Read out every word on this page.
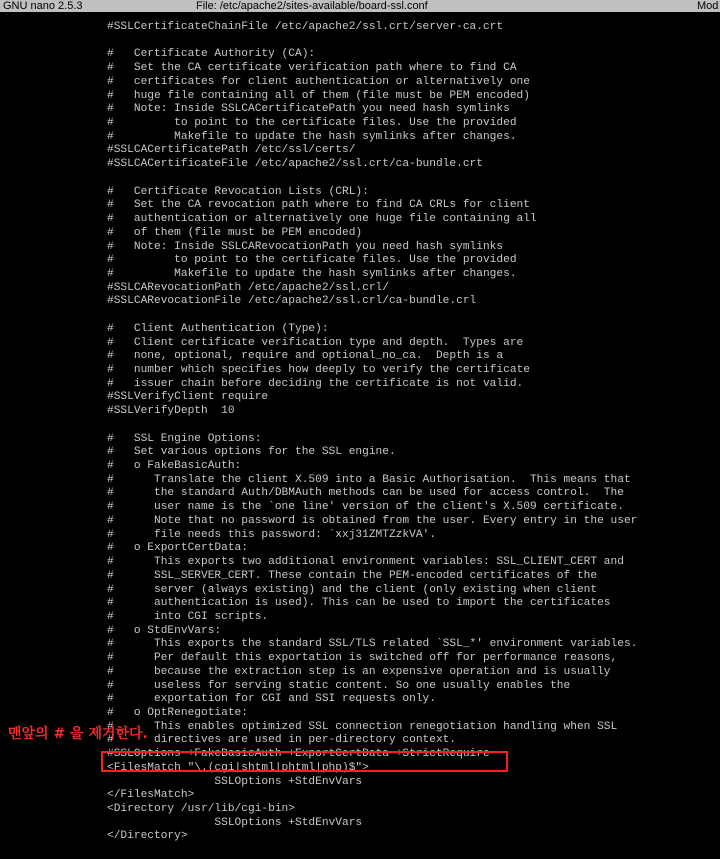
GNU nano 2.5.3	File: /etc/apache2/sites-available/board-ssl.conf	Mod
#SSLCertificateChainFile /etc/apache2/ssl.crt/server-ca.crt
#   Certificate Authority (CA):
#   Set the CA certificate verification path where to find CA
#   certificates for client authentication or alternatively one
#   huge file containing all of them (file must be PEM encoded)
#   Note: Inside SSLCACertificatePath you need hash symlinks
#         to point to the certificate files. Use the provided
#         Makefile to update the hash symlinks after changes.
#SSLCACertificatePath /etc/ssl/certs/
#SSLCACertificateFile /etc/apache2/ssl.crt/ca-bundle.crt
#   Certificate Revocation Lists (CRL):
#   Set the CA revocation path where to find CA CRLs for client
#   authentication or alternatively one huge file containing all
#   of them (file must be PEM encoded)
#   Note: Inside SSLCARevocationPath you need hash symlinks
#         to point to the certificate files. Use the provided
#         Makefile to update the hash symlinks after changes.
#SSLCARevocationPath /etc/apache2/ssl.crl/
#SSLCARevocationFile /etc/apache2/ssl.crl/ca-bundle.crl
#   Client Authentication (Type):
#   Client certificate verification type and depth.  Types are
#   none, optional, require and optional_no_ca.  Depth is a
#   number which specifies how deeply to verify the certificate
#   issuer chain before deciding the certificate is not valid.
#SSLVerifyClient require
#SSLVerifyDepth  10
#   SSL Engine Options:
#   Set various options for the SSL engine.
#   o FakeBasicAuth:
#      Translate the client X.509 into a Basic Authorisation.  This means that
#      the standard Auth/DBMAuth methods can be used for access control.  The
#      user name is the `one line' version of the client's X.509 certificate.
#      Note that no password is obtained from the user. Every entry in the user
#      file needs this password: `xxj31ZMTZzkVA'.
#   o ExportCertData:
#      This exports two additional environment variables: SSL_CLIENT_CERT and
#      SSL_SERVER_CERT. These contain the PEM-encoded certificates of the
#      server (always existing) and the client (only existing when client
#      authentication is used). This can be used to import the certificates
#      into CGI scripts.
#   o StdEnvVars:
#      This exports the standard SSL/TLS related `SSL_*' environment variables.
#      Per default this exportation is switched off for performance reasons,
#      because the extraction step is an expensive operation and is usually
#      useless for serving static content. So one usually enables the
#      exportation for CGI and SSI requests only.
#   o OptRenegotiate:
#      This enables optimized SSL connection renegotiation handling when SSL
#      directives are used in per-directory context.
#SSLOptions +FakeBasicAuth +ExportCertData +StrictRequire
<FilesMatch "\.(cgi|shtml|phtml|php)$">
SSLOptions +StdEnvVars
</FilesMatch>
<Directory /usr/lib/cgi-bin>
SSLOptions +StdEnvVars
</Directory>
맨앞의 # 을 제거한다.
